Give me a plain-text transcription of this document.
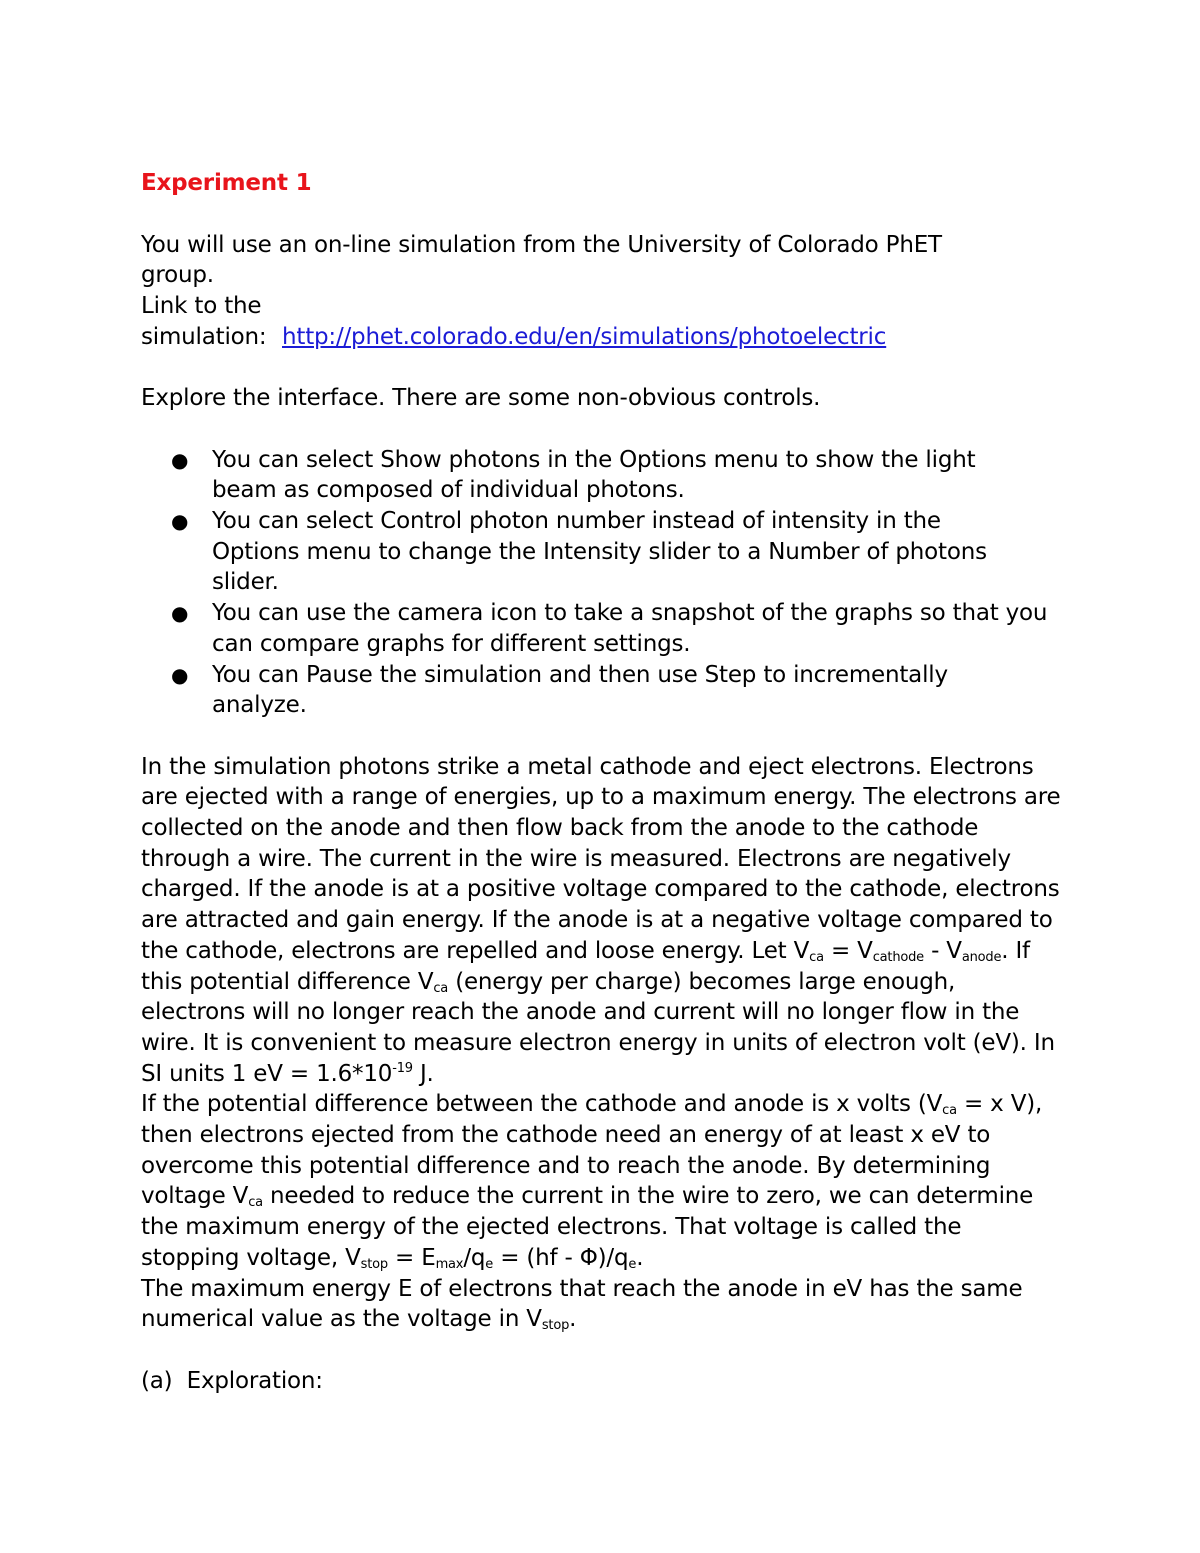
Experiment 1

You will use an on-line simulation from the University of Colorado PhET group.

Link to the simulation: http://phet.colorado.edu/en/simulations/photoelectric

Explore the interface. There are some non-obvious controls.

● You can select Show photons in the Options menu to show the light beam as composed of individual photons.
● You can select Control photon number instead of intensity in the Options menu to change the Intensity slider to a Number of photons slider.
● You can use the camera icon to take a snapshot of the graphs so that you can compare graphs for different settings.
● You can Pause the simulation and then use Step to incrementally analyze.

In the simulation photons strike a metal cathode and eject electrons. Electrons are ejected with a range of energies, up to a maximum energy. The electrons are collected on the anode and then flow back from the anode to the cathode through a wire. The current in the wire is measured. Electrons are negatively charged. If the anode is at a positive voltage compared to the cathode, electrons are attracted and gain energy. If the anode is at a negative voltage compared to the cathode, electrons are repelled and loose energy. Let $V_{ca} = V_{cathode} - V_{anode}$. If this potential difference $V_{ca}$ (energy per charge) becomes large enough, electrons will no longer reach the anode and current will no longer flow in the wire. It is convenient to measure electron energy in units of electron volt (eV). In SI units 1 eV = $1.6*10^{-19}$ J.

If the potential difference between the cathode and anode is x volts ($V_{ca} = x$ V), then electrons ejected from the cathode need an energy of at least x eV to overcome this potential difference and to reach the anode. By determining voltage $V_{ca}$ needed to reduce the current in the wire to zero, we can determine the maximum energy of the ejected electrons. That voltage is called the stopping voltage, $V_{stop} = E_{max}/q_e = (hf - \Phi)/q_e$.

The maximum energy E of electrons that reach the anode in eV has the same numerical value as the voltage in $V_{stop}$.

(a)  Exploration:
